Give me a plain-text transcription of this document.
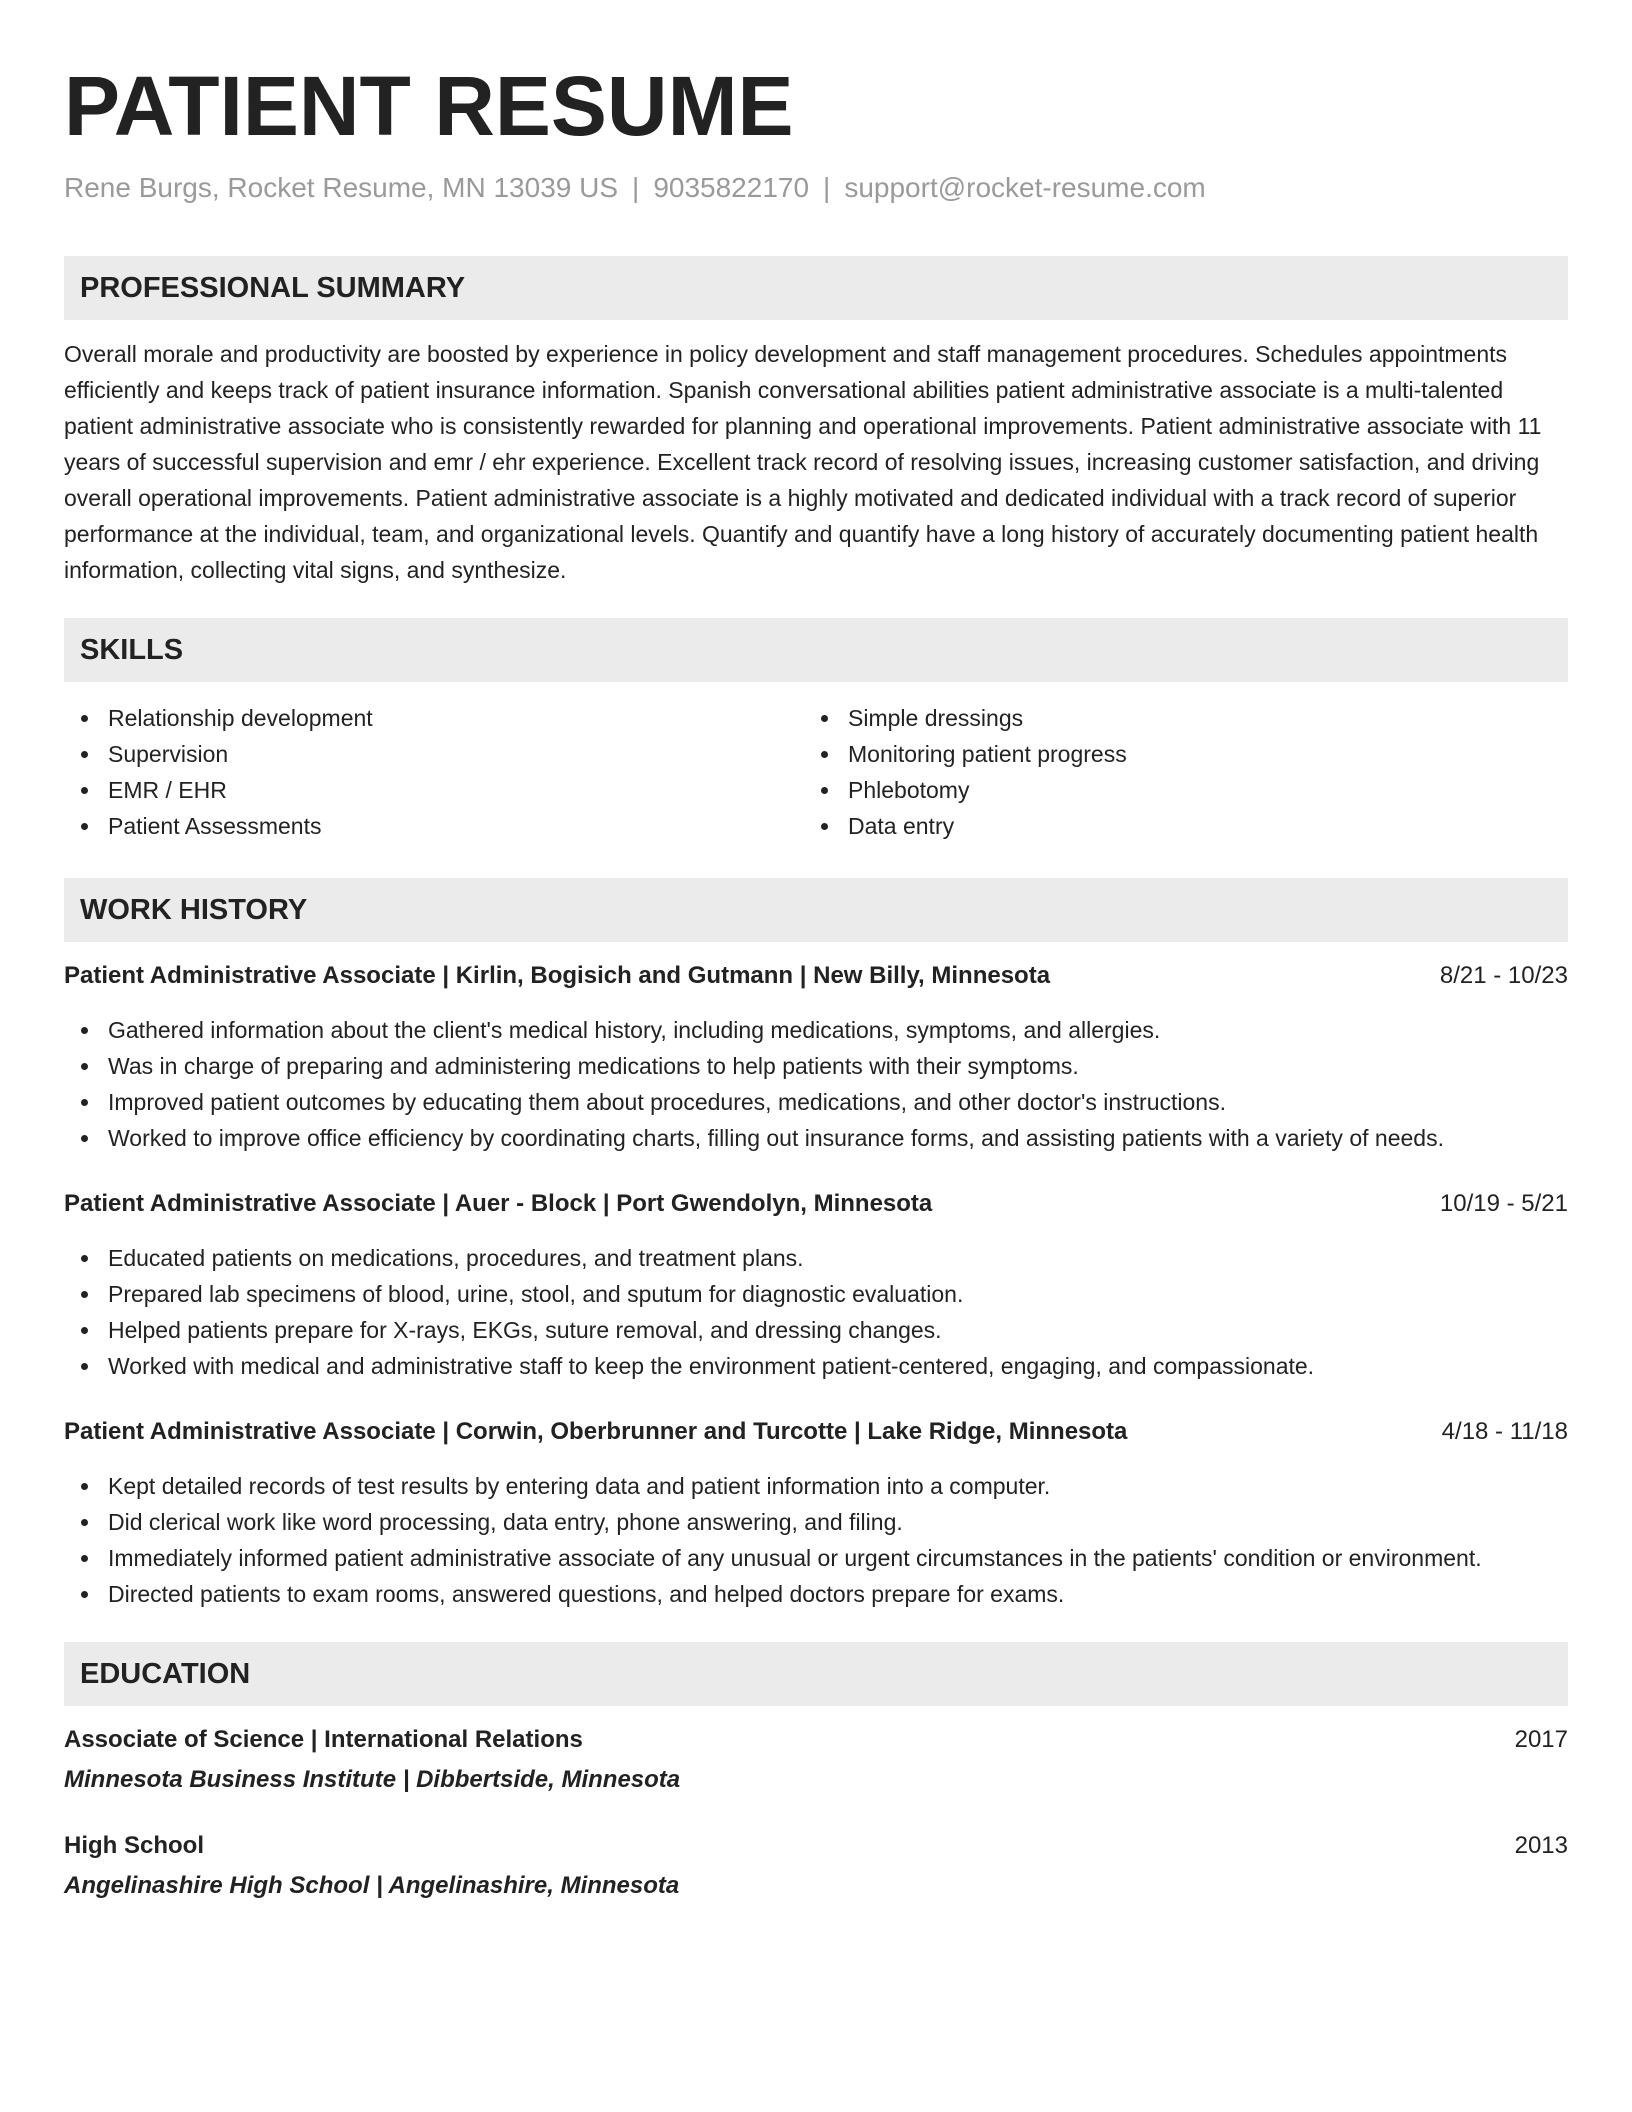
PATIENT RESUME
Rene Burgs, Rocket Resume, MN 13039 US | 9035822170 | support@rocket-resume.com
PROFESSIONAL SUMMARY
Overall morale and productivity are boosted by experience in policy development and staff management procedures. Schedules appointments efficiently and keeps track of patient insurance information. Spanish conversational abilities patient administrative associate is a multi-talented patient administrative associate who is consistently rewarded for planning and operational improvements. Patient administrative associate with 11 years of successful supervision and emr / ehr experience. Excellent track record of resolving issues, increasing customer satisfaction, and driving overall operational improvements. Patient administrative associate is a highly motivated and dedicated individual with a track record of superior performance at the individual, team, and organizational levels. Quantify and quantify have a long history of accurately documenting patient health information, collecting vital signs, and synthesize.
SKILLS
Relationship development
Supervision
EMR / EHR
Patient Assessments
Simple dressings
Monitoring patient progress
Phlebotomy
Data entry
WORK HISTORY
Patient Administrative Associate | Kirlin, Bogisich and Gutmann | New Billy, Minnesota	8/21 - 10/23
Gathered information about the client's medical history, including medications, symptoms, and allergies.
Was in charge of preparing and administering medications to help patients with their symptoms.
Improved patient outcomes by educating them about procedures, medications, and other doctor's instructions.
Worked to improve office efficiency by coordinating charts, filling out insurance forms, and assisting patients with a variety of needs.
Patient Administrative Associate | Auer - Block | Port Gwendolyn, Minnesota	10/19 - 5/21
Educated patients on medications, procedures, and treatment plans.
Prepared lab specimens of blood, urine, stool, and sputum for diagnostic evaluation.
Helped patients prepare for X-rays, EKGs, suture removal, and dressing changes.
Worked with medical and administrative staff to keep the environment patient-centered, engaging, and compassionate.
Patient Administrative Associate | Corwin, Oberbrunner and Turcotte | Lake Ridge, Minnesota	4/18 - 11/18
Kept detailed records of test results by entering data and patient information into a computer.
Did clerical work like word processing, data entry, phone answering, and filing.
Immediately informed patient administrative associate of any unusual or urgent circumstances in the patients' condition or environment.
Directed patients to exam rooms, answered questions, and helped doctors prepare for exams.
EDUCATION
Associate of Science | International Relations	2017
Minnesota Business Institute | Dibbertside, Minnesota
High School	2013
Angelinashire High School | Angelinashire, Minnesota
